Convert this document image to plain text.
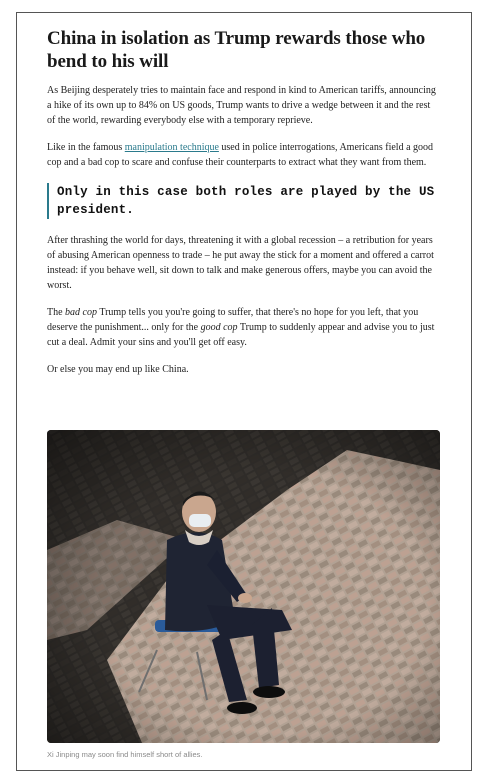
China in isolation as Trump rewards those who bend to his will

As Beijing desperately tries to maintain face and respond in kind to American tariffs, announcing a hike of its own up to 84% on US goods, Trump wants to drive a wedge between it and the rest of the world, rewarding everybody else with a temporary reprieve.

Like in the famous manipulation technique used in police interrogations, Americans field a good cop and a bad cop to scare and confuse their counterparts to extract what they want from them.

Only in this case both roles are played by the US president.

After thrashing the world for days, threatening it with a global recession – a retribution for years of abusing American openness to trade – he put away the stick for a moment and offered a carrot instead: if you behave well, sit down to talk and make generous offers, maybe you can avoid the worst.

The bad cop Trump tells you you're going to suffer, that there's no hope for you left, that you deserve the punishment... only for the good cop Trump to suddenly appear and advise you to just cut a deal. Admit your sins and you'll get off easy.

Or else you may end up like China.

Xi Jinping may soon find himself short of allies.
